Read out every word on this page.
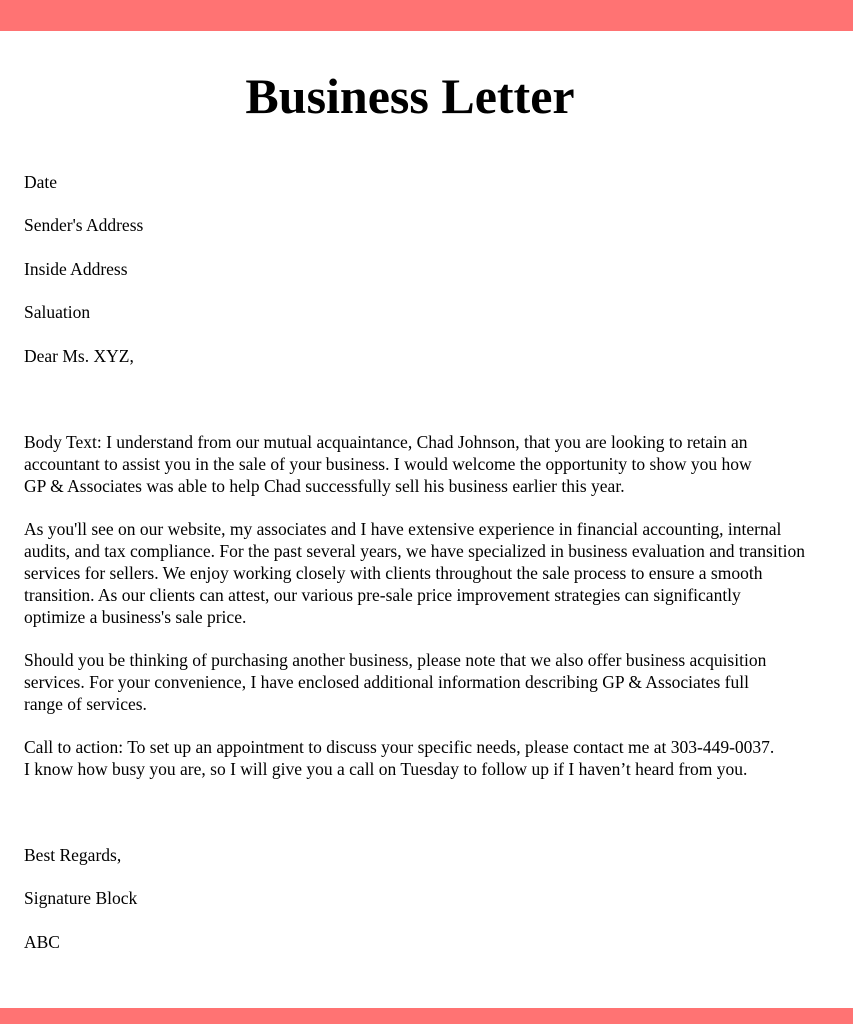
Business Letter

Date

Sender's Address

Inside Address

Saluation

Dear Ms. XYZ,

Body Text: I understand from our mutual acquaintance, Chad Johnson, that you are looking to retain an
accountant to assist you in the sale of your business. I would welcome the opportunity to show you how
GP & Associates was able to help Chad successfully sell his business earlier this year.
As you'll see on our website, my associates and I have extensive experience in financial accounting, internal
audits, and tax compliance. For the past several years, we have specialized in business evaluation and transition
services for sellers. We enjoy working closely with clients throughout the sale process to ensure a smooth
transition. As our clients can attest, our various pre-sale price improvement strategies can significantly
optimize a business's sale price.
Should you be thinking of purchasing another business, please note that we also offer business acquisition
services. For your convenience, I have enclosed additional information describing GP & Associates full
range of services.
Call to action: To set up an appointment to discuss your specific needs, please contact me at 303-449-0037.
I know how busy you are, so I will give you a call on Tuesday to follow up if I haven’t heard from you.

Best Regards,

Signature Block

ABC
